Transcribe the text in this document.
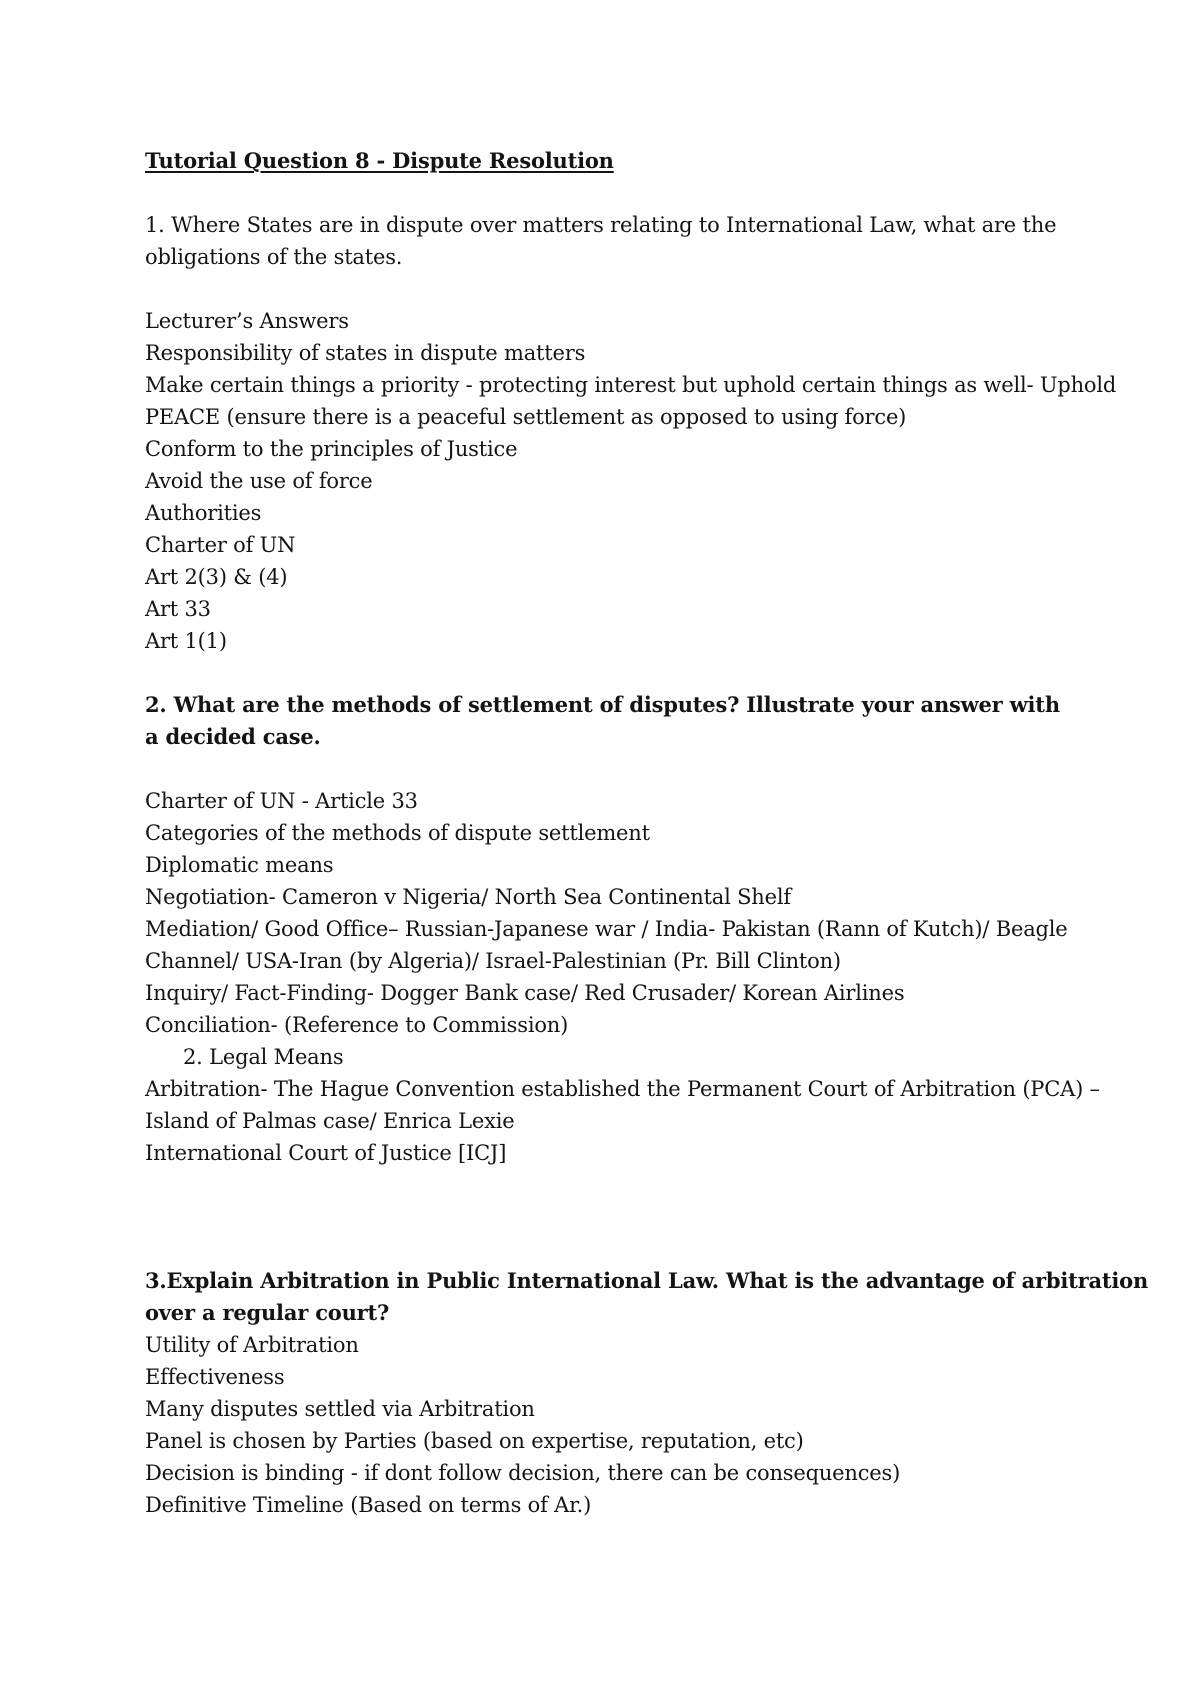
Tutorial Question 8 - Dispute Resolution
1. Where States are in dispute over matters relating to International Law, what are the obligations of the states.
Lecturer’s Answers
Responsibility of states in dispute matters
Make certain things a priority - protecting interest but uphold certain things as well- Uphold
PEACE (ensure there is a peaceful settlement as opposed to using force)
Conform to the principles of Justice
Avoid the use of force
Authorities
Charter of UN
Art 2(3) & (4)
Art 33
Art 1(1)
2. What are the methods of settlement of disputes? Illustrate your answer with a decided case.
Charter of UN - Article 33
Categories of the methods of dispute settlement
Diplomatic means
Negotiation- Cameron v Nigeria/ North Sea Continental Shelf
Mediation/ Good Office– Russian-Japanese war / India- Pakistan (Rann of Kutch)/ Beagle
Channel/ USA-Iran (by Algeria)/ Israel-Palestinian (Pr. Bill Clinton)
Inquiry/ Fact-Finding- Dogger Bank case/ Red Crusader/ Korean Airlines
Conciliation- (Reference to Commission)
2. Legal Means
Arbitration- The Hague Convention established the Permanent Court of Arbitration (PCA) –
Island of Palmas case/ Enrica Lexie
International Court of Justice [ICJ]
3.Explain Arbitration in Public International Law. What is the advantage of arbitration
over a regular court?
Utility of Arbitration
Effectiveness
Many disputes settled via Arbitration
Panel is chosen by Parties (based on expertise, reputation, etc)
Decision is binding - if dont follow decision, there can be consequences)
Definitive Timeline (Based on terms of Ar.)
